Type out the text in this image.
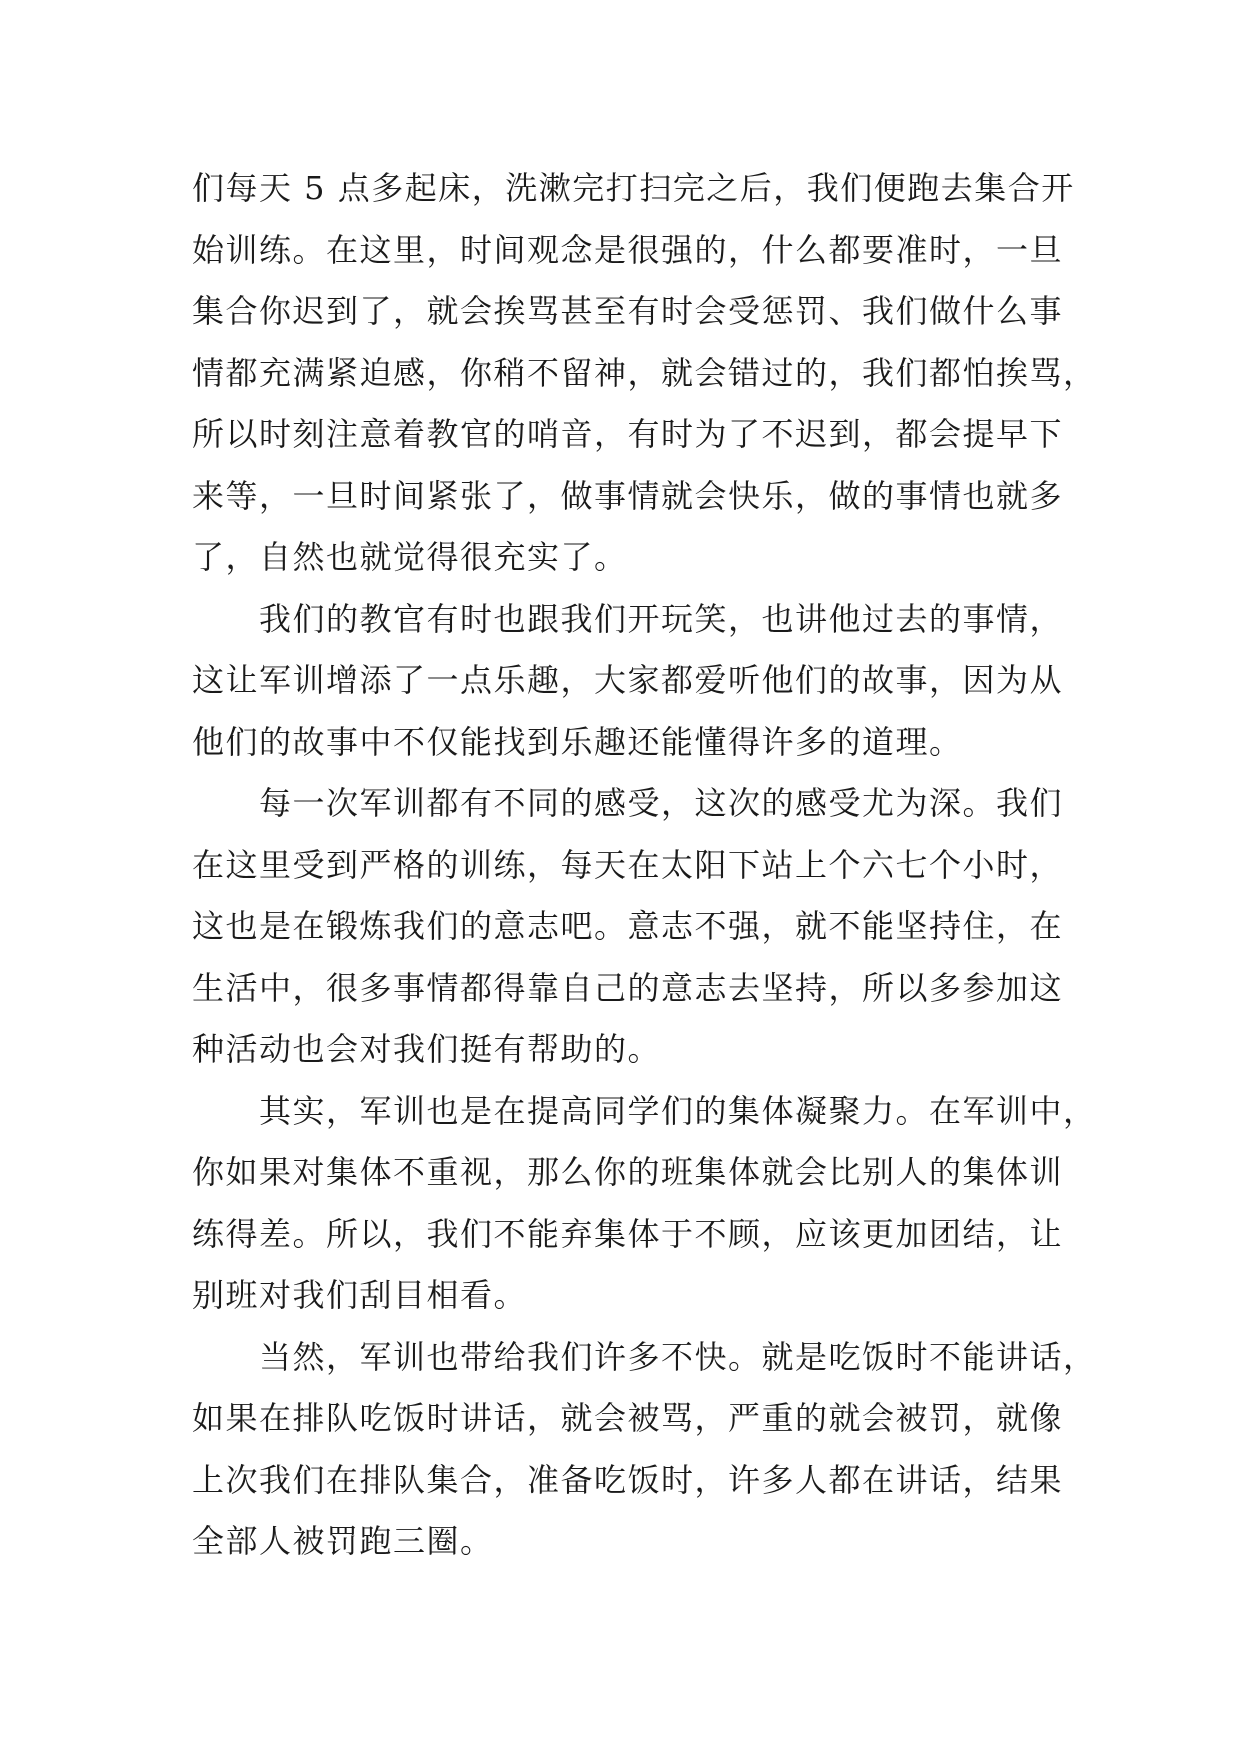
们每天 5 点多起床，洗漱完打扫完之后，我们便跑去集合开
始训练。在这里，时间观念是很强的，什么都要准时，一旦
集合你迟到了，就会挨骂甚至有时会受惩罚、我们做什么事
情都充满紧迫感，你稍不留神，就会错过的，我们都怕挨骂，
所以时刻注意着教官的哨音，有时为了不迟到，都会提早下
来等，一旦时间紧张了，做事情就会快乐，做的事情也就多
了，自然也就觉得很充实了。
我们的教官有时也跟我们开玩笑，也讲他过去的事情，
这让军训增添了一点乐趣，大家都爱听他们的故事，因为从
他们的故事中不仅能找到乐趣还能懂得许多的道理。
每一次军训都有不同的感受，这次的感受尤为深。我们
在这里受到严格的训练，每天在太阳下站上个六七个小时，
这也是在锻炼我们的意志吧。意志不强，就不能坚持住，在
生活中，很多事情都得靠自己的意志去坚持，所以多参加这
种活动也会对我们挺有帮助的。
其实，军训也是在提高同学们的集体凝聚力。在军训中，
你如果对集体不重视，那么你的班集体就会比别人的集体训
练得差。所以，我们不能弃集体于不顾，应该更加团结，让
别班对我们刮目相看。
当然，军训也带给我们许多不快。就是吃饭时不能讲话，
如果在排队吃饭时讲话，就会被骂，严重的就会被罚，就像
上次我们在排队集合，准备吃饭时，许多人都在讲话，结果
全部人被罚跑三圈。
